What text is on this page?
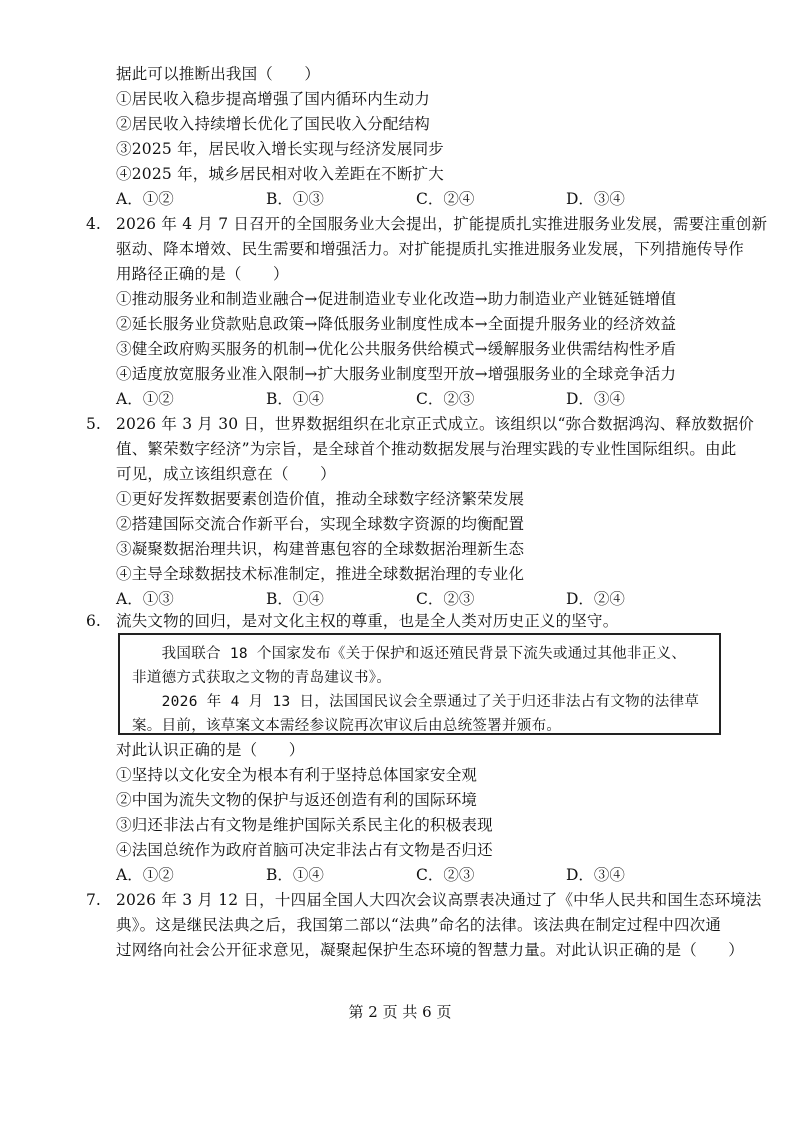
据此可以推断出我国（　　）
①居民收入稳步提高增强了国内循环内生动力
②居民收入持续增长优化了国民收入分配结构
③2025 年，居民收入增长实现与经济发展同步
④2025 年，城乡居民相对收入差距在不断扩大
A．①②	B．①③	C．②④	D．③④
4. 2026 年 4 月 7 日召开的全国服务业大会提出，扩能提质扎实推进服务业发展，需要注重创新
驱动、降本增效、民生需要和增强活力。对扩能提质扎实推进服务业发展，下列措施传导作
用路径正确的是（　　）
①推动服务业和制造业融合→促进制造业专业化改造→助力制造业产业链延链增值
②延长服务业贷款贴息政策→降低服务业制度性成本→全面提升服务业的经济效益
③健全政府购买服务的机制→优化公共服务供给模式→缓解服务业供需结构性矛盾
④适度放宽服务业准入限制→扩大服务业制度型开放→增强服务业的全球竞争活力
A．①②	B．①④	C．②③	D．③④
5. 2026 年 3 月 30 日，世界数据组织在北京正式成立。该组织以“弥合数据鸿沟、释放数据价
值、繁荣数字经济”为宗旨，是全球首个推动数据发展与治理实践的专业性国际组织。由此
可见，成立该组织意在（　　）
①更好发挥数据要素创造价值，推动全球数字经济繁荣发展
②搭建国际交流合作新平台，实现全球数字资源的均衡配置
③凝聚数据治理共识，构建普惠包容的全球数据治理新生态
④主导全球数据技术标准制定，推进全球数据治理的专业化
A．①③	B．①④	C．②③	D．②④
6. 流失文物的回归，是对文化主权的尊重，也是全人类对历史正义的坚守。
　　我国联合 18 个国家发布《关于保护和返还殖民背景下流失或通过其他非正义、
非道德方式获取之文物的青岛建议书》。
　　2026 年 4 月 13 日，法国国民议会全票通过了关于归还非法占有文物的法律草
案。目前，该草案文本需经参议院再次审议后由总统签署并颁布。
对此认识正确的是（　　）
①坚持以文化安全为根本有利于坚持总体国家安全观
②中国为流失文物的保护与返还创造有利的国际环境
③归还非法占有文物是维护国际关系民主化的积极表现
④法国总统作为政府首脑可决定非法占有文物是否归还
A．①②	B．①④	C．②③	D．③④
7. 2026 年 3 月 12 日，十四届全国人大四次会议高票表决通过了《中华人民共和国生态环境法
典》。这是继民法典之后，我国第二部以“法典”命名的法律。该法典在制定过程中四次通
过网络向社会公开征求意见，凝聚起保护生态环境的智慧力量。对此认识正确的是（　　）
第 2 页 共 6 页
